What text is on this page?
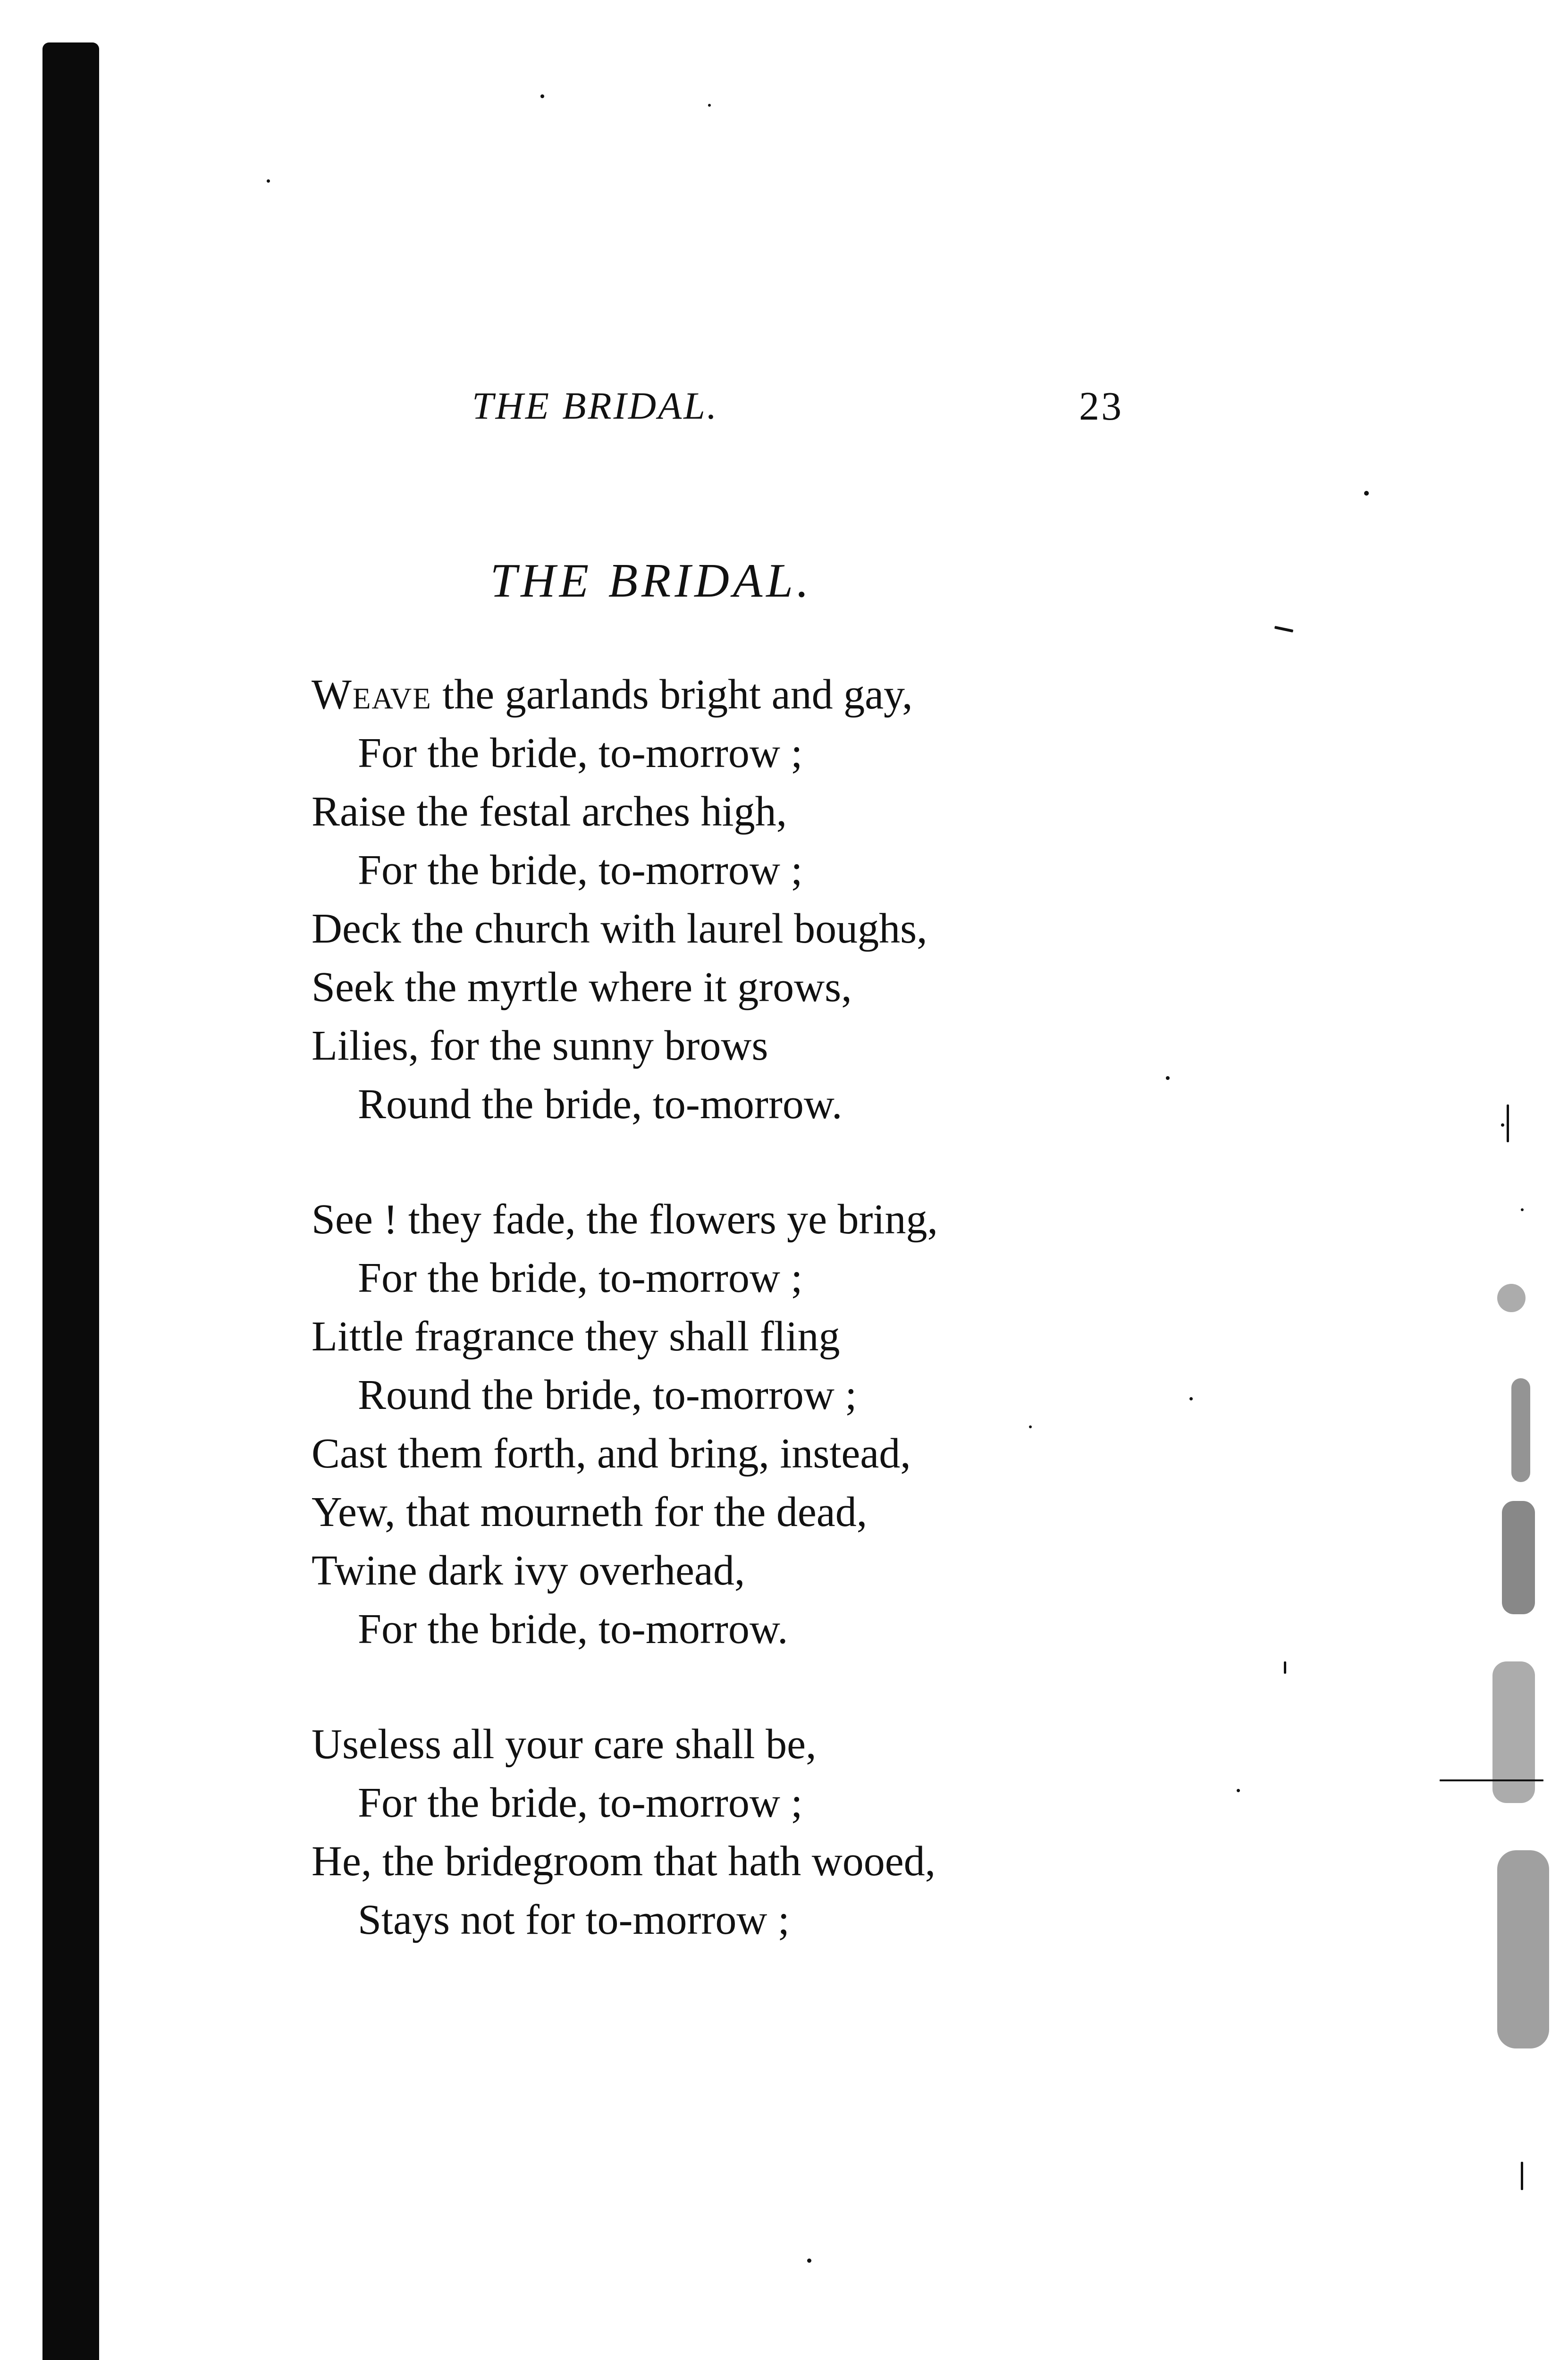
THE BRIDAL.	23
THE BRIDAL.
Weave the garlands bright and gay,
For the bride, to-morrow ;
Raise the festal arches high,
For the bride, to-morrow ;
Deck the church with laurel boughs,
Seek the myrtle where it grows,
Lilies, for the sunny brows
Round the bride, to-morrow.
See ! they fade, the flowers ye bring,
For the bride, to-morrow ;
Little fragrance they shall fling
Round the bride, to-morrow ;
Cast them forth, and bring, instead,
Yew, that mourneth for the dead,
Twine dark ivy overhead,
For the bride, to-morrow.
Useless all your care shall be,
For the bride, to-morrow ;
He, the bridegroom that hath wooed,
Stays not for to-morrow ;
